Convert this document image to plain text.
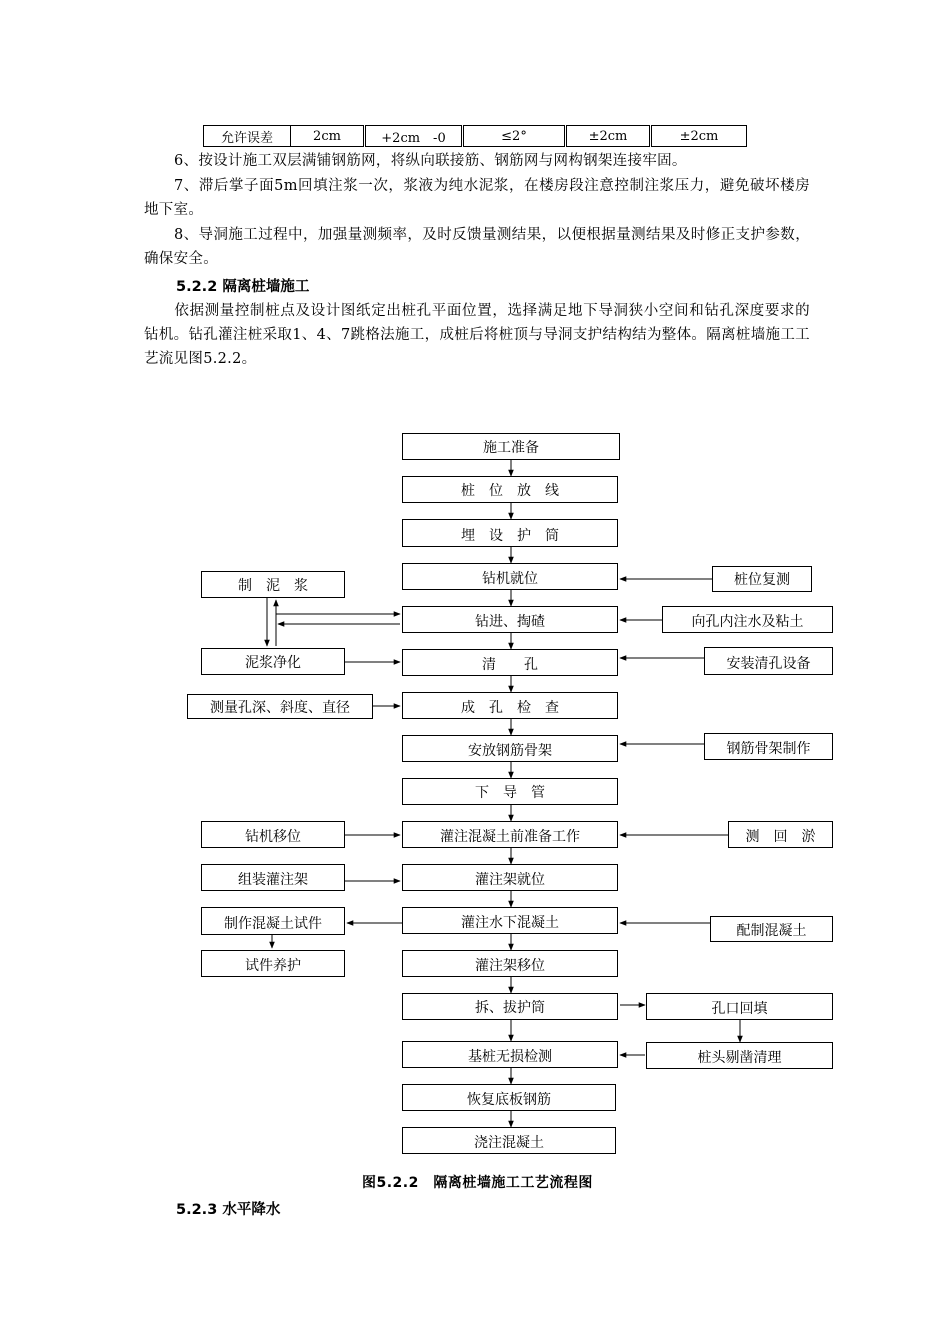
允许误差	2cm	+2cm　-0	≤2°	±2cm	±2cm

6、按设计施工双层满铺钢筋网，将纵向联接筋、钢筋网与网构钢架连接牢固。

7、滞后掌子面5m回填注浆一次，浆液为纯水泥浆，在楼房段注意控制注浆压力，避免破坏楼房地下室。

8、导洞施工过程中，加强量测频率，及时反馈量测结果，以便根据量测结果及时修正支护参数，确保安全。

5.2.2 隔离桩墙施工

依据测量控制桩点及设计图纸定出桩孔平面位置，选择满足地下导洞狭小空间和钻孔深度要求的钻机。钻孔灌注桩采取1、4、7跳格法施工，成桩后将桩顶与导洞支护结构结为整体。隔离桩墙施工工艺流见图5.2.2。

施工准备
桩　位　放　线
埋　设　护　筒
钻机就位
钻进、掏碴
清　　孔
成　孔　检　查
安放钢筋骨架
下　导　管
灌注混凝土前准备工作
灌注架就位
灌注水下混凝土
灌注架移位
拆、拔护筒
基桩无损检测
恢复底板钢筋
浇注混凝土
制　泥　浆
泥浆净化
测量孔深、斜度、直径
钻机移位
组装灌注架
制作混凝土试件
试件养护
桩位复测
向孔内注水及粘土
安装清孔设备
钢筋骨架制作
测　回　淤
配制混凝土
孔口回填
桩头剔凿清理
图5.2.2　隔离桩墙施工工艺流程图

5.2.3 水平降水
